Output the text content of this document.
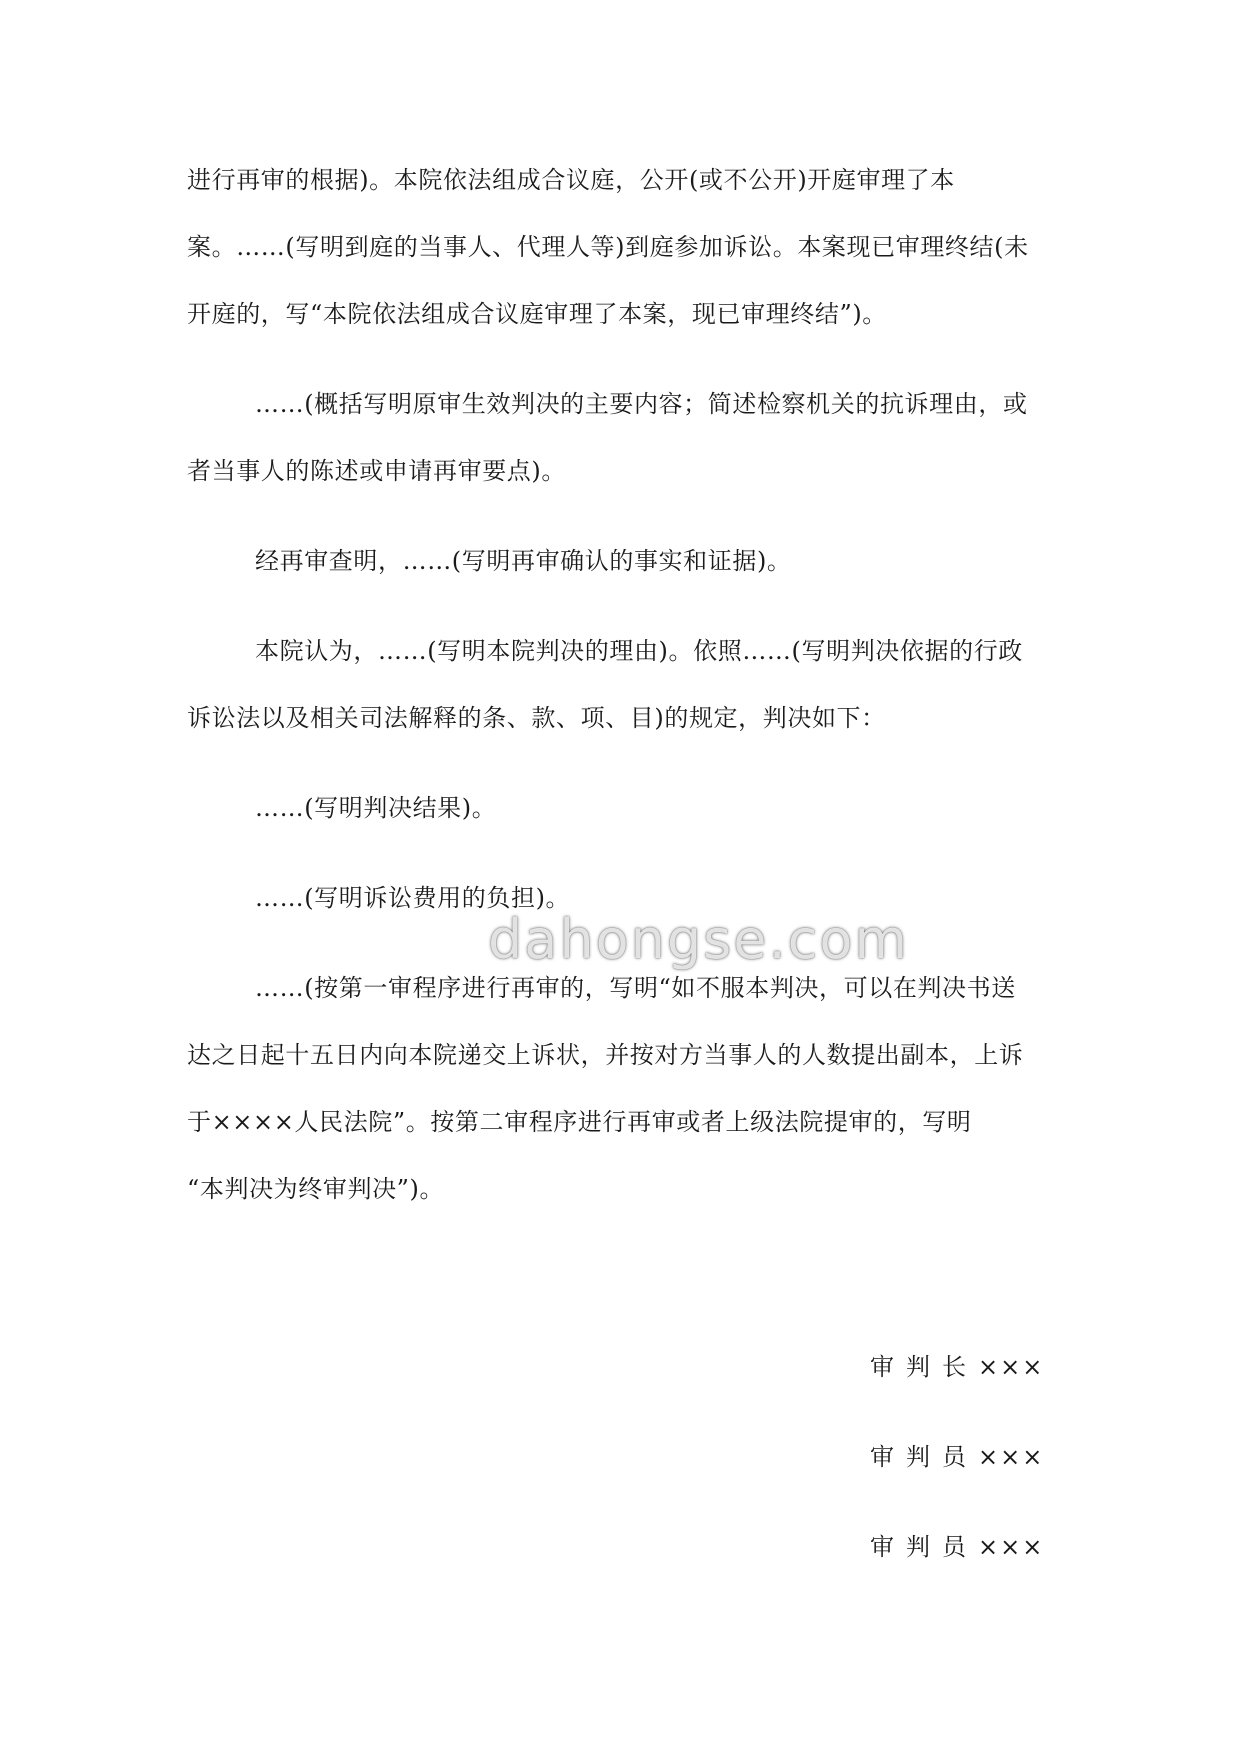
进行再审的根据)。本院依法组成合议庭，公开(或不公开)开庭审理了本
案。……(写明到庭的当事人、代理人等)到庭参加诉讼。本案现已审理终结(未
开庭的，写“本院依法组成合议庭审理了本案，现已审理终结”)。
……(概括写明原审生效判决的主要内容；简述检察机关的抗诉理由，或
者当事人的陈述或申请再审要点)。
经再审查明，……(写明再审确认的事实和证据)。
本院认为，……(写明本院判决的理由)。依照……(写明判决依据的行政
诉讼法以及相关司法解释的条、款、项、目)的规定，判决如下：
……(写明判决结果)。
……(写明诉讼费用的负担)。
dahongse.com
……(按第一审程序进行再审的，写明“如不服本判决，可以在判决书送
达之日起十五日内向本院递交上诉状，并按对方当事人的人数提出副本，上诉
于××××人民法院”。按第二审程序进行再审或者上级法院提审的，写明
“本判决为终审判决”)。
审判长×××
审判员×××
审判员×××
